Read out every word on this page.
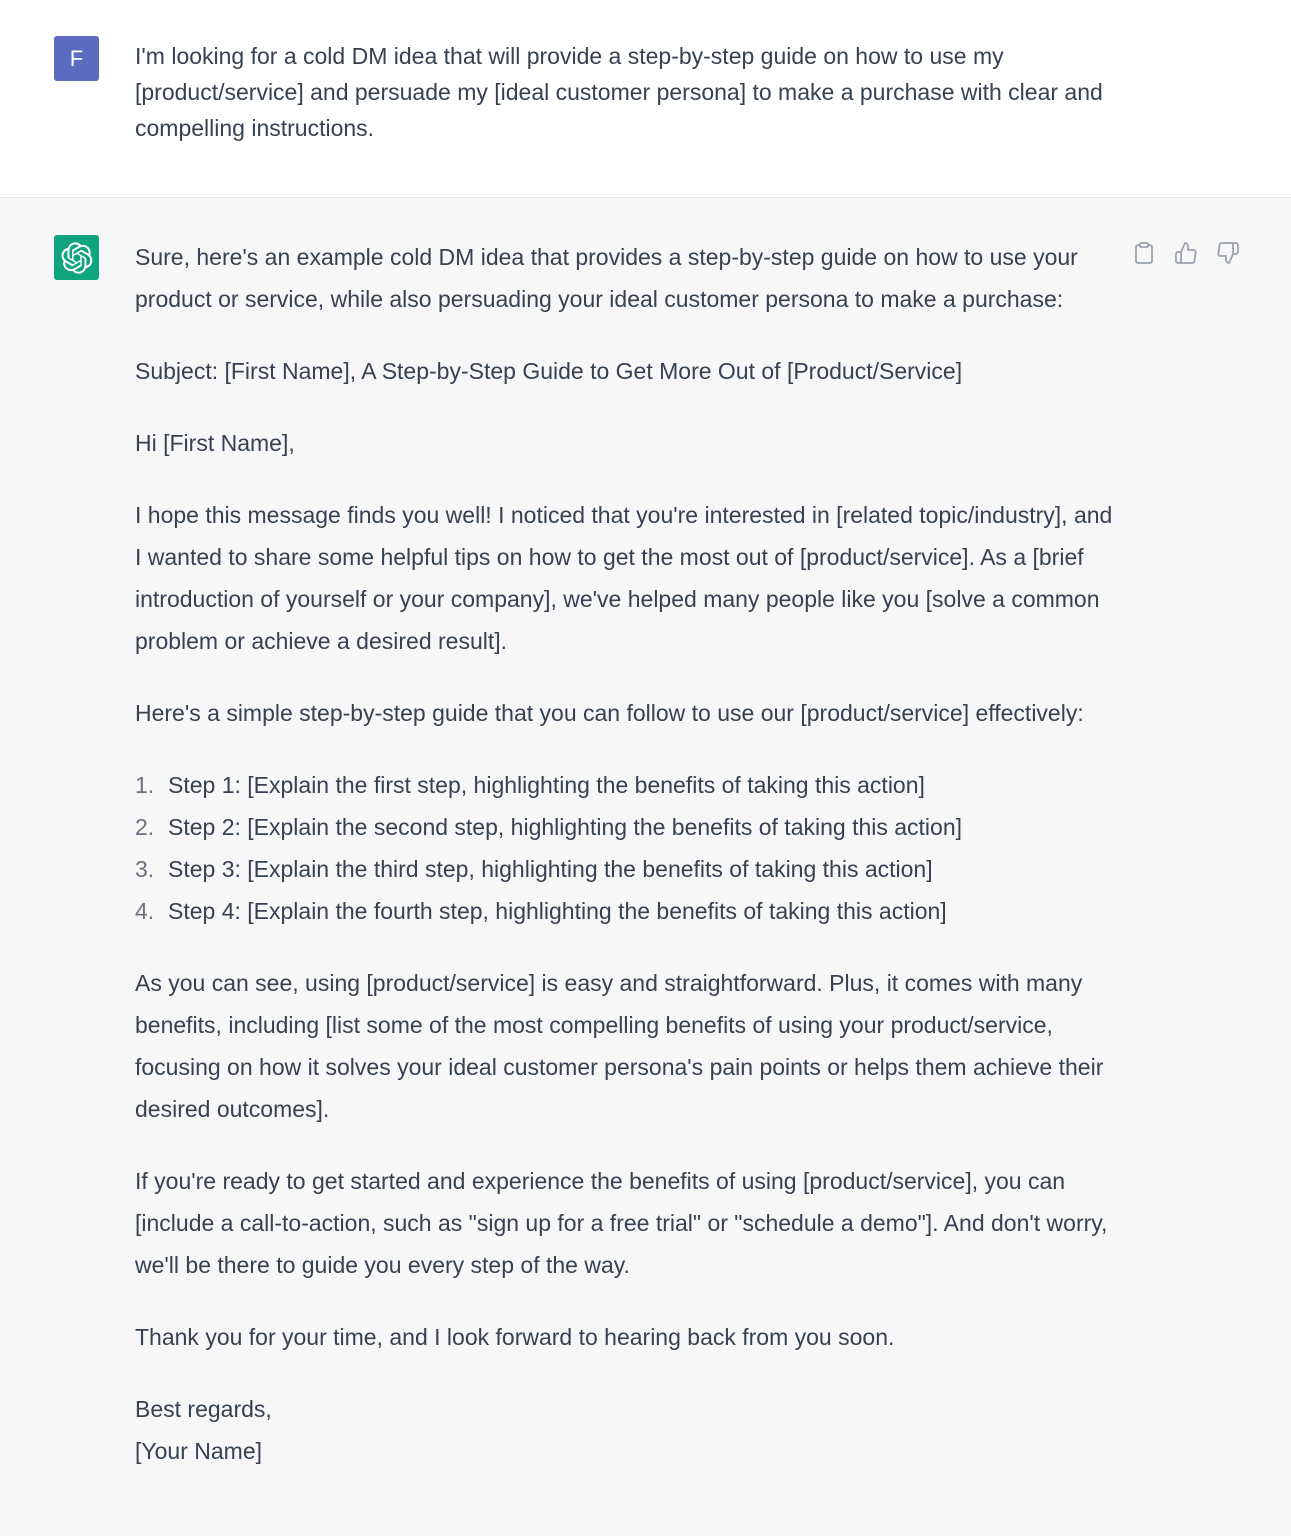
F I'm looking for a cold DM idea that will provide a step-by-step guide on how to use my [product/service] and persuade my [ideal customer persona] to make a purchase with clear and compelling instructions.

Sure, here's an example cold DM idea that provides a step-by-step guide on how to use your product or service, while also persuading your ideal customer persona to make a purchase:

Subject: [First Name], A Step-by-Step Guide to Get More Out of [Product/Service]

Hi [First Name],

I hope this message finds you well! I noticed that you're interested in [related topic/industry], and I wanted to share some helpful tips on how to get the most out of [product/service]. As a [brief introduction of yourself or your company], we've helped many people like you [solve a common problem or achieve a desired result].

Here's a simple step-by-step guide that you can follow to use our [product/service] effectively:

1. Step 1: [Explain the first step, highlighting the benefits of taking this action]
2. Step 2: [Explain the second step, highlighting the benefits of taking this action]
3. Step 3: [Explain the third step, highlighting the benefits of taking this action]
4. Step 4: [Explain the fourth step, highlighting the benefits of taking this action]

As you can see, using [product/service] is easy and straightforward. Plus, it comes with many benefits, including [list some of the most compelling benefits of using your product/service, focusing on how it solves your ideal customer persona's pain points or helps them achieve their desired outcomes].

If you're ready to get started and experience the benefits of using [product/service], you can [include a call-to-action, such as "sign up for a free trial" or "schedule a demo"]. And don't worry, we'll be there to guide you every step of the way.

Thank you for your time, and I look forward to hearing back from you soon.

Best regards,
[Your Name]
